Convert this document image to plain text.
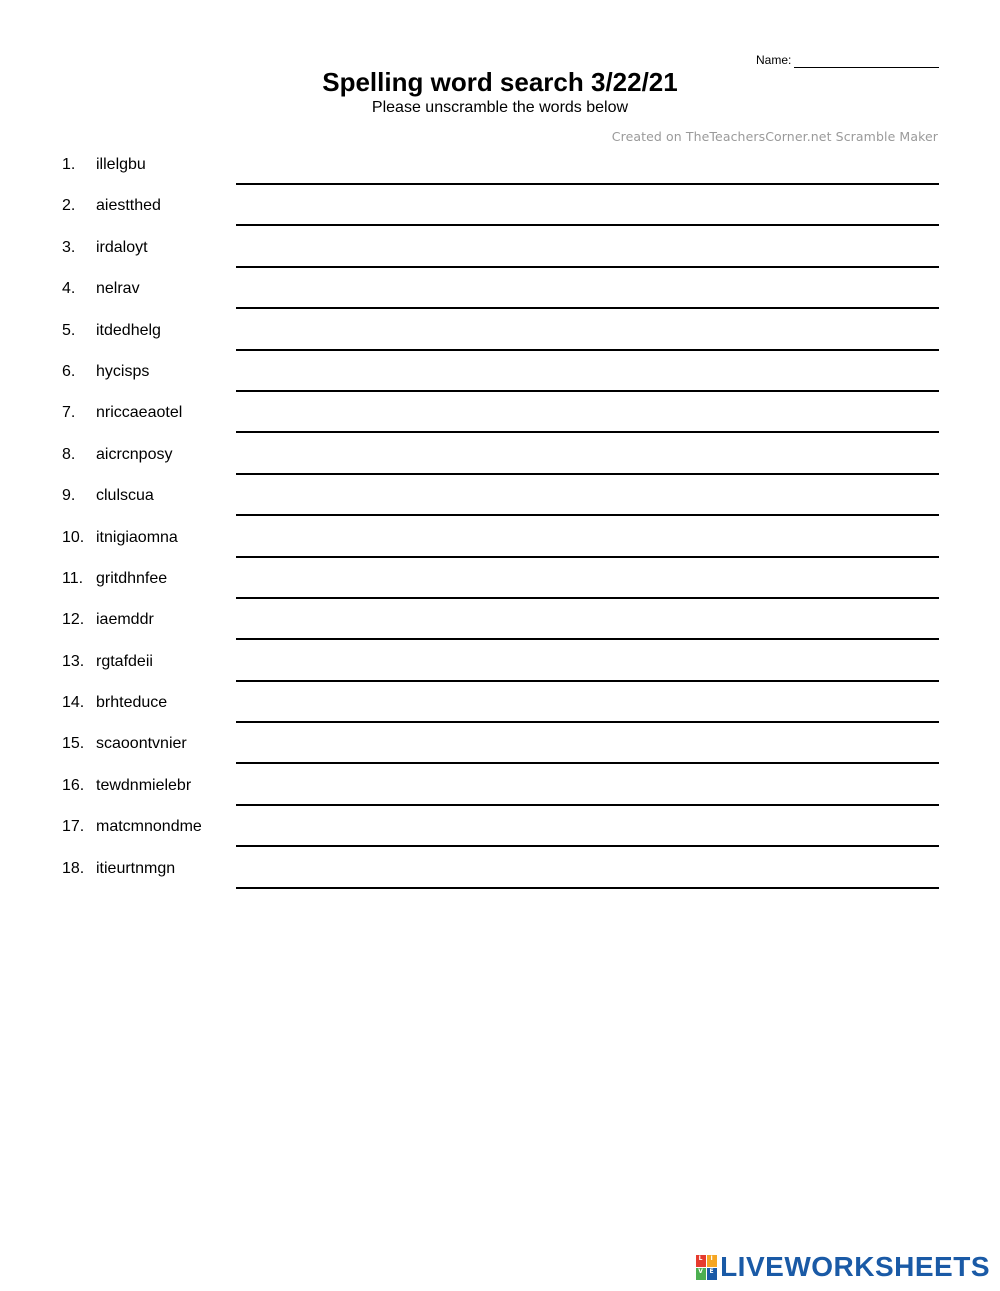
Name:
Spelling word search 3/22/21
Please unscramble the words below
Created on TheTeachersCorner.net Scramble Maker
1. illelgbu
2. aiestthed
3. irdaloyt
4. nelrav
5. itdedhelg
6. hycisps
7. nriccaeaotel
8. aicrcnposy
9. clulscua
10. itnigiaomna
11. gritdhnfee
12. iaemddr
13. rgtafdeii
14. brhteduce
15. scaoontvnier
16. tewdnmielebr
17. matcmnondme
18. itieurtnmgn
L	I
V	E LIVEWORKSHEETS
